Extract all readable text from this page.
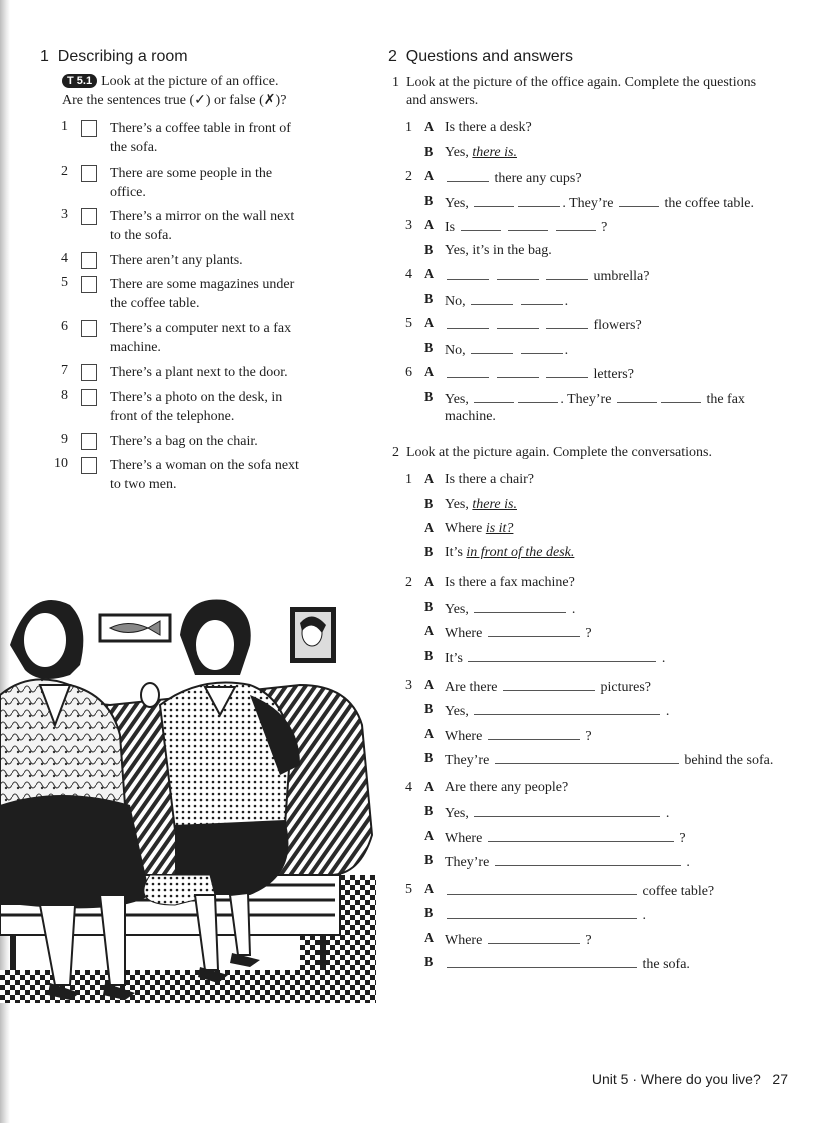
1 Describing a room
T 5.1 Look at the picture of an office.
Are the sentences true (✓) or false (✗)?
1	There’s a coffee table in front of
the sofa.
2	There are some people in the
office.
3	There’s a mirror on the wall next
to the sofa.
4	There aren’t any plants.
5	There are some magazines under
the coffee table.
6	There’s a computer next to a fax
machine.
7	There’s a plant next to the door.
8	There’s a photo on the desk, in
front of the telephone.
9	There’s a bag on the chair.
10	There’s a woman on the sofa next
to two men.
2 Questions and answers
1 Look at the picture of the office again. Complete the questions
and answers.
1 A Is there a desk?
B Yes, there is.
2 A	there any cups?
B Yes,	. They’re	the coffee table.
3 A Is	?
B Yes, it’s in the bag.
4 A	umbrella?
B No,	.
5 A	flowers?
B No,	.
6 A	letters?
B Yes,	. They’re	the fax
machine.
2 Look at the picture again. Complete the conversations.
1 A Is there a chair?
B Yes, there is.
A Where is it?
B It’s in front of the desk.
2 A Is there a fax machine?
B Yes,	.
A Where	?
B It’s	.
3 A Are there	pictures?
B Yes,	.
A Where	?
B They’re	behind the sofa.
4 A Are there any people?
B Yes,	.
A Where	?
B They’re	.
5 A	coffee table?
B	.
A Where	?
B	the sofa.
Unit 5 · Where do you live? 27
